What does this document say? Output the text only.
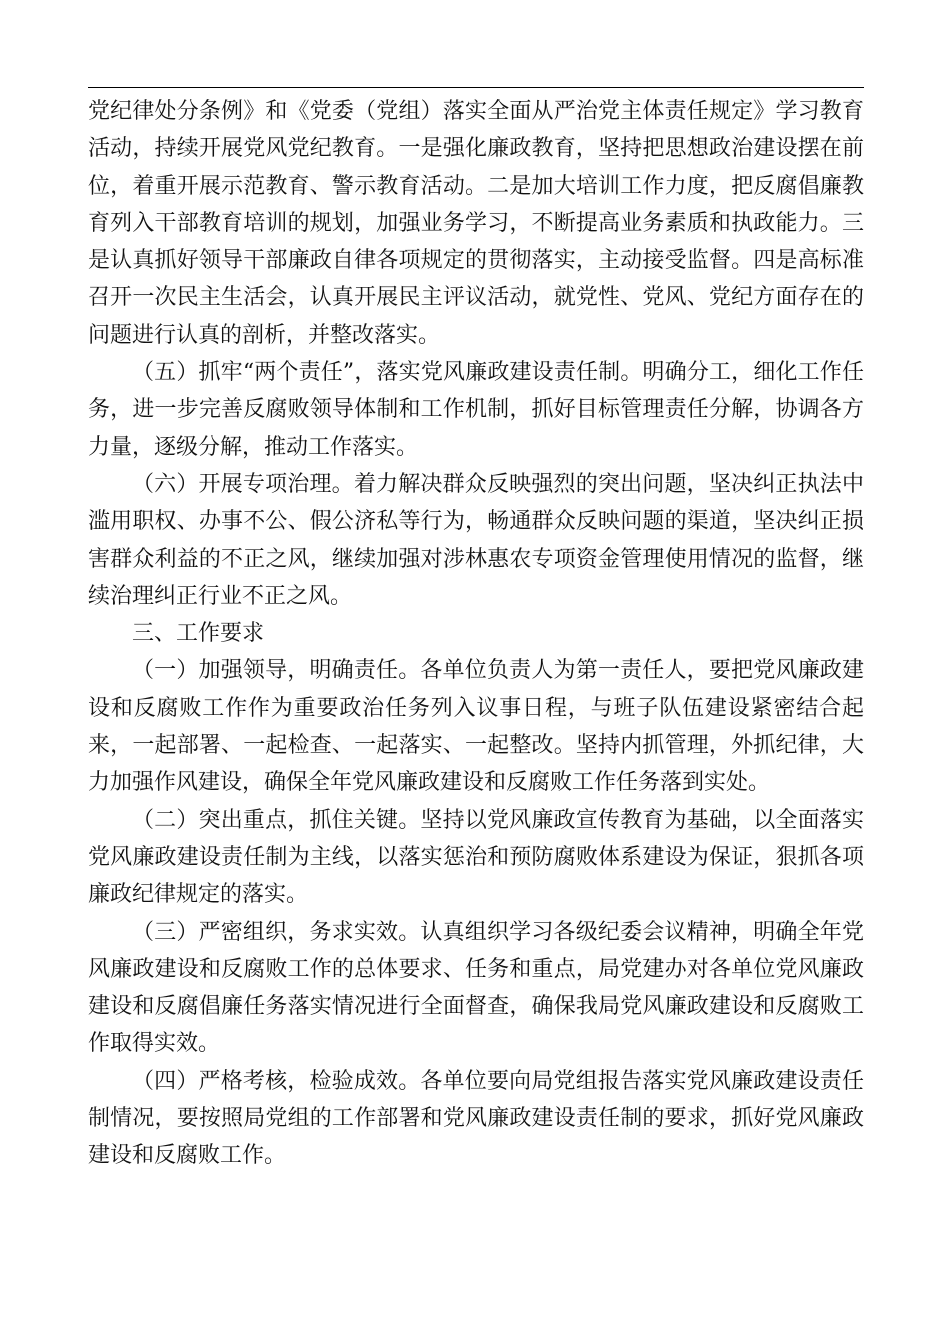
党纪律处分条例》和《党委（党组）落实全面从严治党主体责任规定》学习教育活动，持续开展党风党纪教育。一是强化廉政教育，坚持把思想政治建设摆在前位，着重开展示范教育、警示教育活动。二是加大培训工作力度，把反腐倡廉教育列入干部教育培训的规划，加强业务学习，不断提高业务素质和执政能力。三是认真抓好领导干部廉政自律各项规定的贯彻落实，主动接受监督。四是高标准召开一次民主生活会，认真开展民主评议活动，就党性、党风、党纪方面存在的问题进行认真的剖析，并整改落实。

（五）抓牢“两个责任”，落实党风廉政建设责任制。明确分工，细化工作任务，进一步完善反腐败领导体制和工作机制，抓好目标管理责任分解，协调各方力量，逐级分解，推动工作落实。

（六）开展专项治理。着力解决群众反映强烈的突出问题，坚决纠正执法中滥用职权、办事不公、假公济私等行为，畅通群众反映问题的渠道，坚决纠正损害群众利益的不正之风，继续加强对涉林惠农专项资金管理使用情况的监督，继续治理纠正行业不正之风。

三、工作要求

（一）加强领导，明确责任。各单位负责人为第一责任人，要把党风廉政建设和反腐败工作作为重要政治任务列入议事日程，与班子队伍建设紧密结合起来，一起部署、一起检查、一起落实、一起整改。坚持内抓管理，外抓纪律，大力加强作风建设，确保全年党风廉政建设和反腐败工作任务落到实处。

（二）突出重点，抓住关键。坚持以党风廉政宣传教育为基础，以全面落实党风廉政建设责任制为主线，以落实惩治和预防腐败体系建设为保证，狠抓各项廉政纪律规定的落实。

（三）严密组织，务求实效。认真组织学习各级纪委会议精神，明确全年党风廉政建设和反腐败工作的总体要求、任务和重点，局党建办对各单位党风廉政建设和反腐倡廉任务落实情况进行全面督查，确保我局党风廉政建设和反腐败工作取得实效。

（四）严格考核，检验成效。各单位要向局党组报告落实党风廉政建设责任制情况，要按照局党组的工作部署和党风廉政建设责任制的要求，抓好党风廉政建设和反腐败工作。
